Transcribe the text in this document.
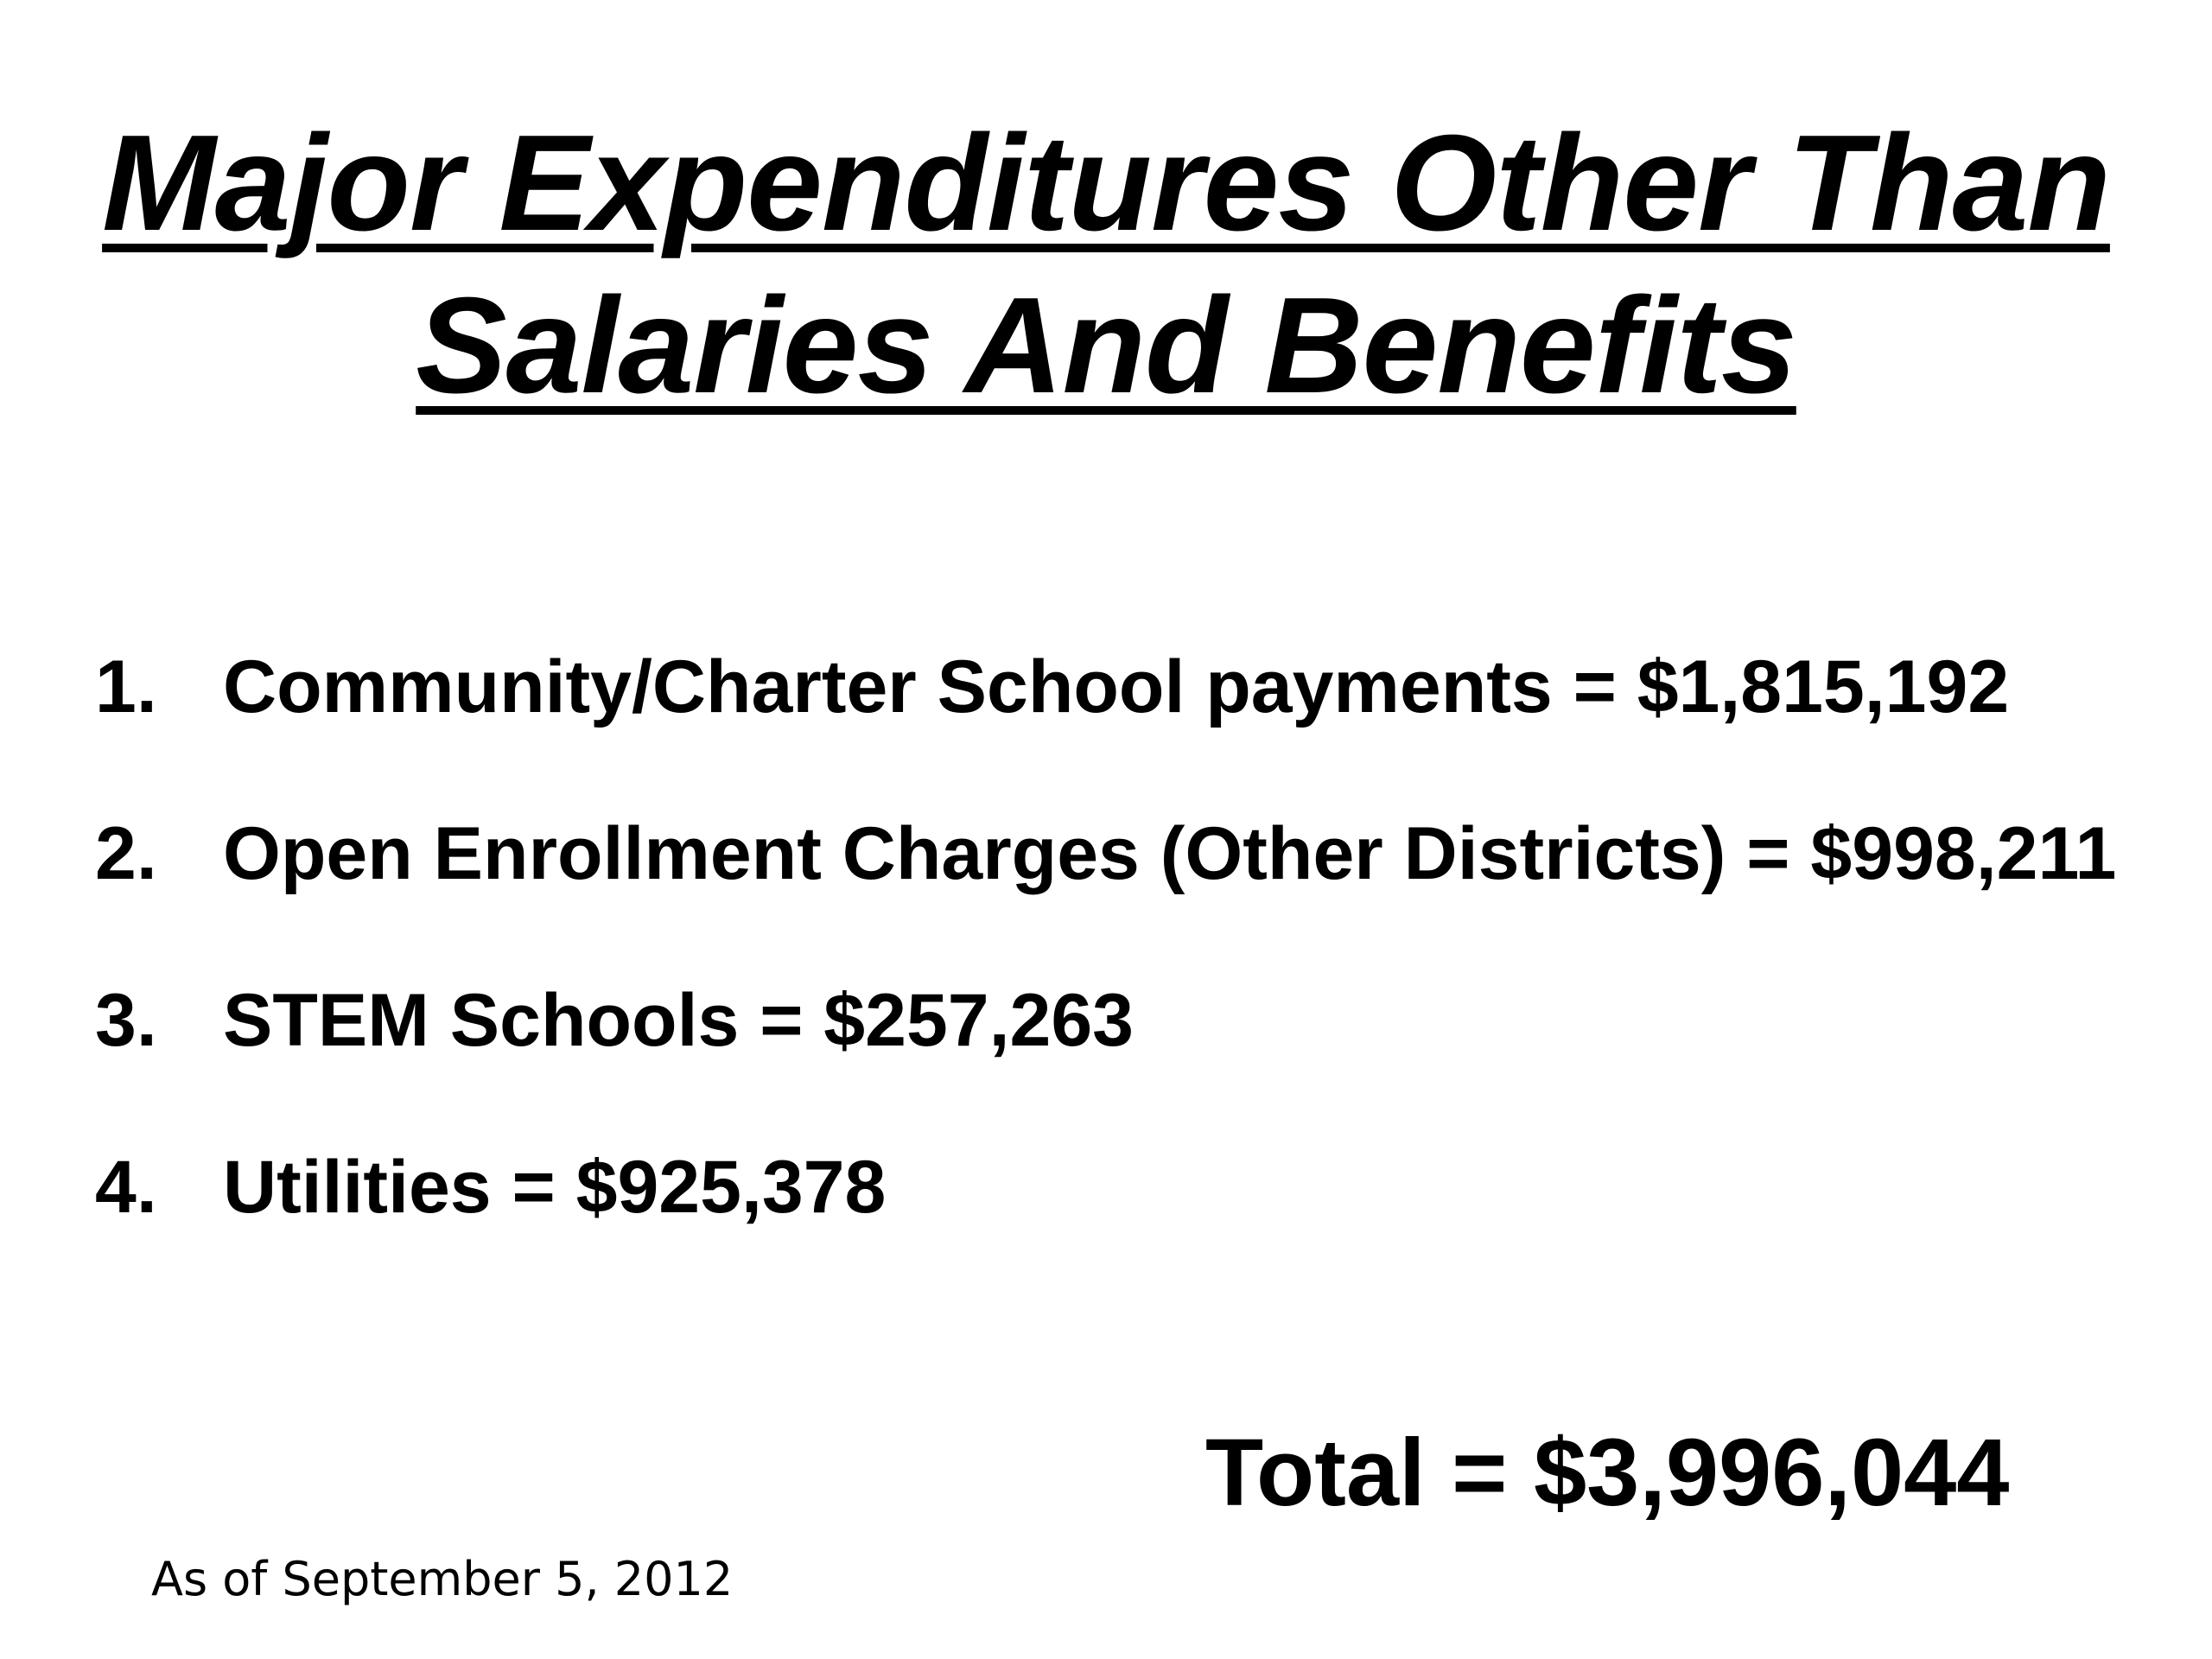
Major Expenditures Other Than
Salaries And Benefits
1. Community/Charter School payments = $1,815,192
2. Open Enrollment Charges (Other Districts) = $998,211
3. STEM Schools = $257,263
4. Utilities = $925,378
Total = $3,996,044
As of September 5, 2012
